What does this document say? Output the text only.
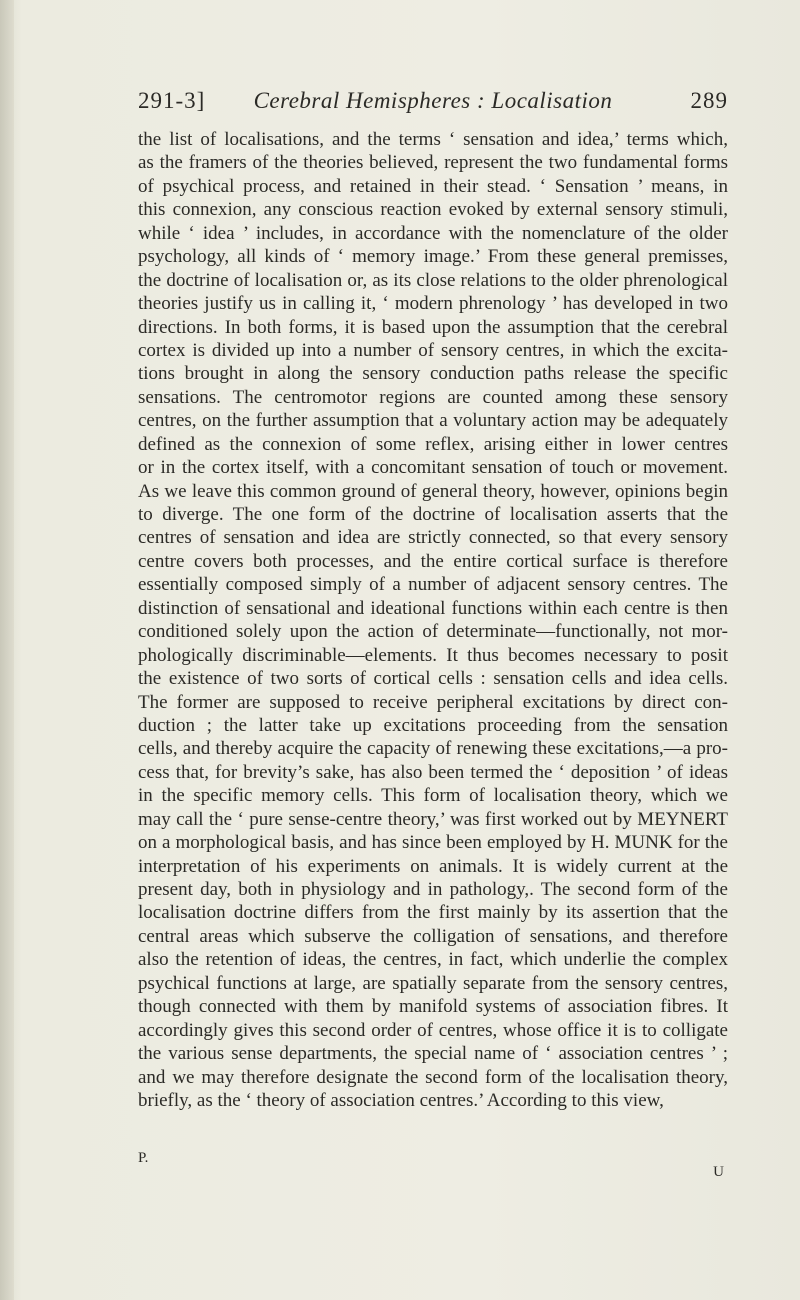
291-3]	Cerebral Hemispheres : Localisation	289
the list of localisations, and the terms ‘ sensation and idea,’ terms which,
as the framers of the theories believed, represent the two fundamental forms
of psychical process, and retained in their stead. ‘ Sensation ’ means, in
this connexion, any conscious reaction evoked by external sensory stimuli,
while ‘ idea ’ includes, in accordance with the nomenclature of the older
psychology, all kinds of ‘ memory image.’ From these general premisses,
the doctrine of localisation or, as its close relations to the older phrenological
theories justify us in calling it, ‘ modern phrenology ’ has developed in two
directions. In both forms, it is based upon the assumption that the cerebral
cortex is divided up into a number of sensory centres, in which the excita-
tions brought in along the sensory conduction paths release the specific
sensations. The centromotor regions are counted among these sensory
centres, on the further assumption that a voluntary action may be adequately
defined as the connexion of some reflex, arising either in lower centres
or in the cortex itself, with a concomitant sensation of touch or movement.
As we leave this common ground of general theory, however, opinions begin
to diverge. The one form of the doctrine of localisation asserts that the
centres of sensation and idea are strictly connected, so that every sensory
centre covers both processes, and the entire cortical surface is therefore
essentially composed simply of a number of adjacent sensory centres. The
distinction of sensational and ideational functions within each centre is then
conditioned solely upon the action of determinate—functionally, not mor-
phologically discriminable—elements. It thus becomes necessary to posit
the existence of two sorts of cortical cells : sensation cells and idea cells.
The former are supposed to receive peripheral excitations by direct con-
duction ; the latter take up excitations proceeding from the sensation
cells, and thereby acquire the capacity of renewing these excitations,—a pro-
cess that, for brevity’s sake, has also been termed the ‘ deposition ’ of ideas
in the specific memory cells. This form of localisation theory, which we
may call the ‘ pure sense-centre theory,’ was first worked out by MEYNERT
on a morphological basis, and has since been employed by H. MUNK for the
interpretation of his experiments on animals. It is widely current at the
present day, both in physiology and in pathology,. The second form of the
localisation doctrine differs from the first mainly by its assertion that the
central areas which subserve the colligation of sensations, and therefore
also the retention of ideas, the centres, in fact, which underlie the complex
psychical functions at large, are spatially separate from the sensory centres,
though connected with them by manifold systems of association fibres. It
accordingly gives this second order of centres, whose office it is to colligate
the various sense departments, the special name of ‘ association centres ’ ;
and we may therefore designate the second form of the localisation theory,
briefly, as the ‘ theory of association centres.’ According to this view,
P.
U
